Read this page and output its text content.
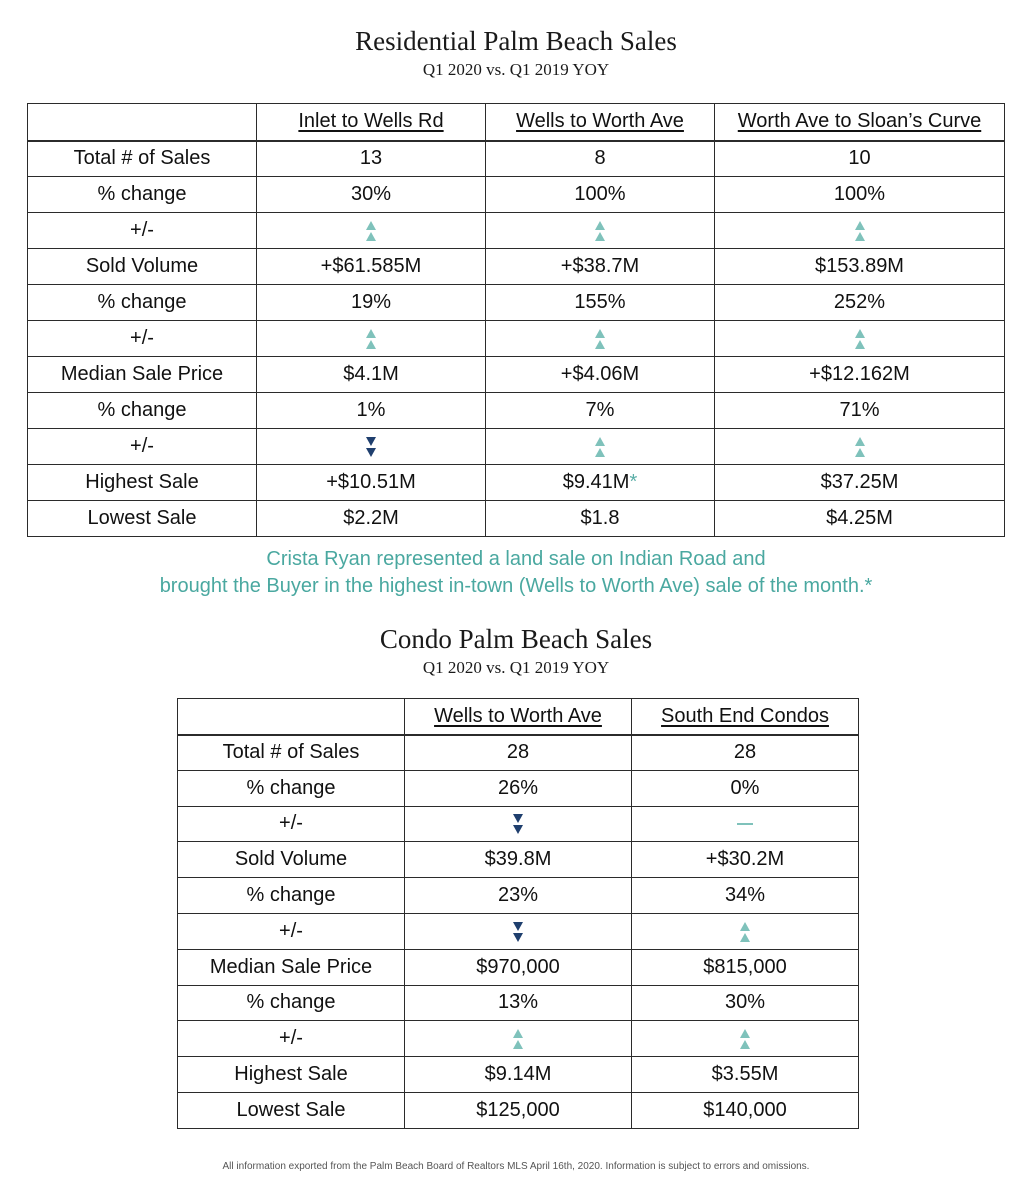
Residential Palm Beach Sales
Q1 2020 vs. Q1 2019 YOY
	Inlet to Wells Rd	Wells to Worth Ave	Worth Ave to Sloan’s Curve
Total # of Sales	13	8	10
% change	30%	100%	100%
+/-	

Sold Volume	+$61.585M	+$38.7M	$153.89M
% change	19%	155%	252%
+/-	

Median Sale Price	$4.1M	+$4.06M	+$12.162M
% change	1%	7%	71%
+/-	

Highest Sale	+$10.51M	$9.41M*	$37.25M
Lowest Sale	$2.2M	$1.8	$4.25M
Crista Ryan represented a land sale on Indian Road and
brought the Buyer in the highest in-town (Wells to Worth Ave) sale of the month.*
Condo Palm Beach Sales
Q1 2020 vs. Q1 2019 YOY
	Wells to Worth Ave	South End Condos
Total # of Sales	28	28
% change	26%	0%
+/-	

Sold Volume	$39.8M	+$30.2M
% change	23%	34%
+/-	

Median Sale Price	$970,000	$815,000
% change	13%	30%
+/-	

Highest Sale	$9.14M	$3.55M
Lowest Sale	$125,000	$140,000
All information exported from the Palm Beach Board of Realtors MLS April 16th, 2020. Information is subject to errors and omissions.
